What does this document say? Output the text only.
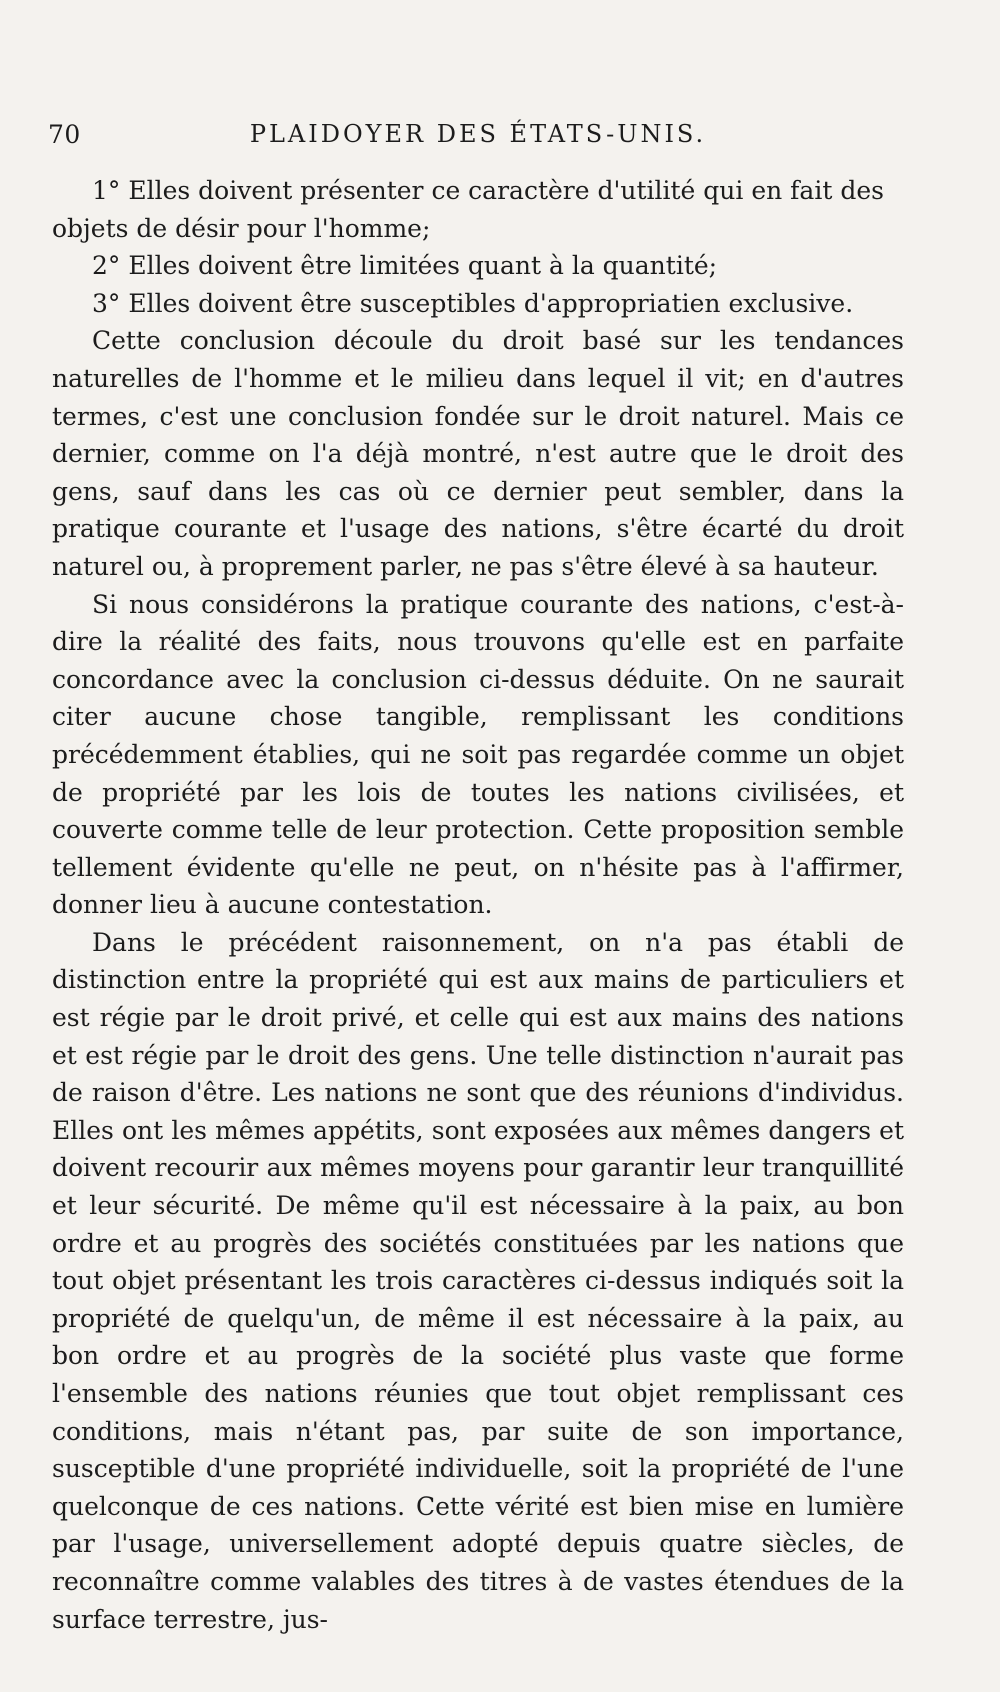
70	PLAIDOYER DES ÉTATS-UNIS.

1° Elles doivent présenter ce caractère d'utilité qui en fait des objets de désir pour l'homme;

2° Elles doivent être limitées quant à la quantité;

3° Elles doivent être susceptibles d'appropriatien exclusive.

Cette conclusion découle du droit basé sur les tendances naturelles de l'homme et le milieu dans lequel il vit; en d'autres termes, c'est une conclusion fondée sur le droit naturel. Mais ce dernier, comme on l'a déjà montré, n'est autre que le droit des gens, sauf dans les cas où ce dernier peut sembler, dans la pratique courante et l'usage des nations, s'être écarté du droit naturel ou, à proprement parler, ne pas s'être élevé à sa hauteur.

Si nous considérons la pratique courante des nations, c'est-à-dire la réalité des faits, nous trouvons qu'elle est en parfaite concordance avec la conclusion ci-dessus déduite. On ne saurait citer aucune chose tangible, remplissant les conditions précédemment établies, qui ne soit pas regardée comme un objet de propriété par les lois de toutes les nations civilisées, et couverte comme telle de leur protection. Cette proposition semble tellement évidente qu'elle ne peut, on n'hésite pas à l'affirmer, donner lieu à aucune contestation.

Dans le précédent raisonnement, on n'a pas établi de distinction entre la propriété qui est aux mains de particuliers et est régie par le droit privé, et celle qui est aux mains des nations et est régie par le droit des gens. Une telle distinction n'aurait pas de raison d'être. Les nations ne sont que des réunions d'individus. Elles ont les mêmes appétits, sont exposées aux mêmes dangers et doivent recourir aux mêmes moyens pour garantir leur tranquillité et leur sécurité. De même qu'il est nécessaire à la paix, au bon ordre et au progrès des sociétés constituées par les nations que tout objet présentant les trois caractères ci-dessus indiqués soit la propriété de quelqu'un, de même il est nécessaire à la paix, au bon ordre et au progrès de la société plus vaste que forme l'ensemble des nations réunies que tout objet remplissant ces conditions, mais n'étant pas, par suite de son importance, susceptible d'une propriété individuelle, soit la propriété de l'une quelconque de ces nations. Cette vérité est bien mise en lumière par l'usage, universellement adopté depuis quatre siècles, de reconnaître comme valables des titres à de vastes étendues de la surface terrestre, jus-
